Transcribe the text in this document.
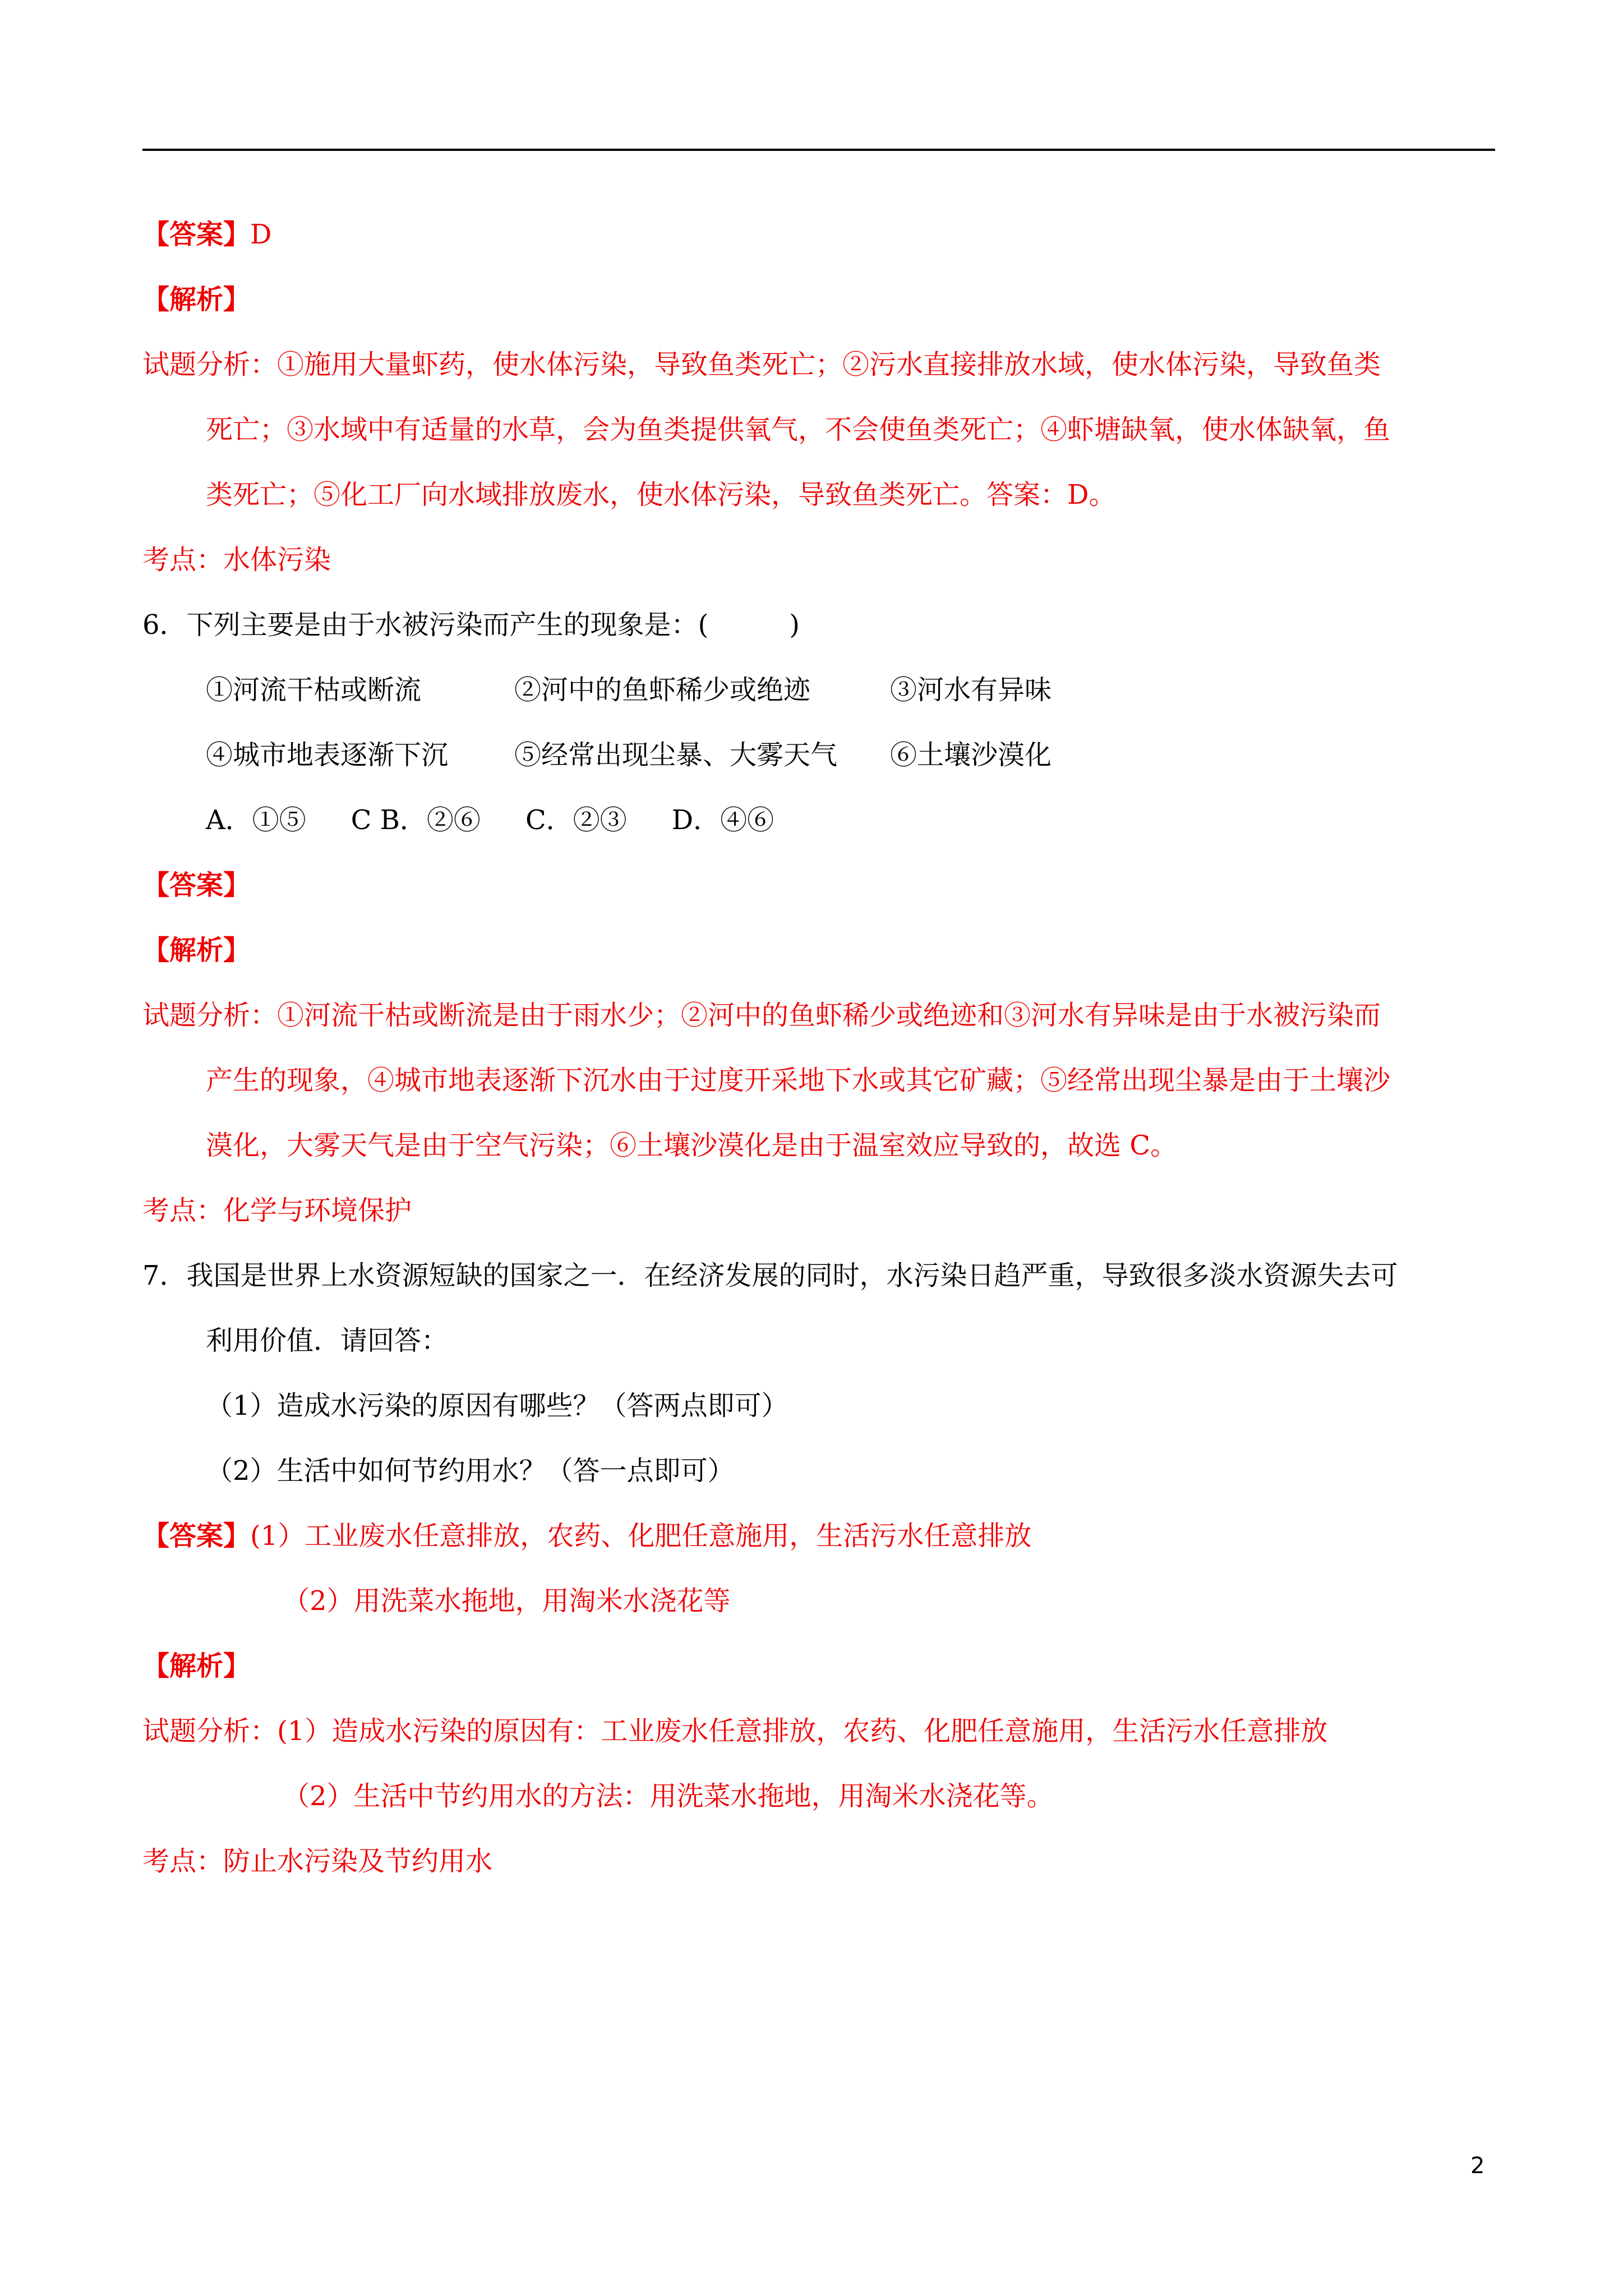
【答案】D
【解析】
试题分析：①施用大量虾药，使水体污染，导致鱼类死亡；②污水直接排放水域，使水体污染，导致鱼类
死亡；③水域中有适量的水草，会为鱼类提供氧气，不会使鱼类死亡；④虾塘缺氧，使水体缺氧，鱼
类死亡；⑤化工厂向水域排放废水，使水体污染，导致鱼类死亡。答案：D。
考点：水体污染
6．下列主要是由于水被污染而产生的现象是：(　　　)
①河流干枯或断流	②河中的鱼虾稀少或绝迹	③河水有异味
④城市地表逐渐下沉 ⑤经常出现尘暴、大雾天气 ⑥土壤沙漠化
A．①⑤ C B．②⑥ C．②③ D．④⑥
【答案】
【解析】
试题分析：①河流干枯或断流是由于雨水少；②河中的鱼虾稀少或绝迹和③河水有异味是由于水被污染而
产生的现象，④城市地表逐渐下沉水由于过度开采地下水或其它矿藏；⑤经常出现尘暴是由于土壤沙
漠化，大雾天气是由于空气污染；⑥土壤沙漠化是由于温室效应导致的，故选 C。
考点：化学与环境保护
7．我国是世界上水资源短缺的国家之一．在经济发展的同时，水污染日趋严重，导致很多淡水资源失去可
利用价值．请回答：
（1）造成水污染的原因有哪些？（答两点即可）
（2）生活中如何节约用水？（答一点即可）
【答案】(1）工业废水任意排放，农药、化肥任意施用，生活污水任意排放
（2）用洗菜水拖地，用淘米水浇花等
【解析】
试题分析：(1）造成水污染的原因有：工业废水任意排放，农药、化肥任意施用，生活污水任意排放
（2）生活中节约用水的方法：用洗菜水拖地，用淘米水浇花等。
考点：防止水污染及节约用水
2
